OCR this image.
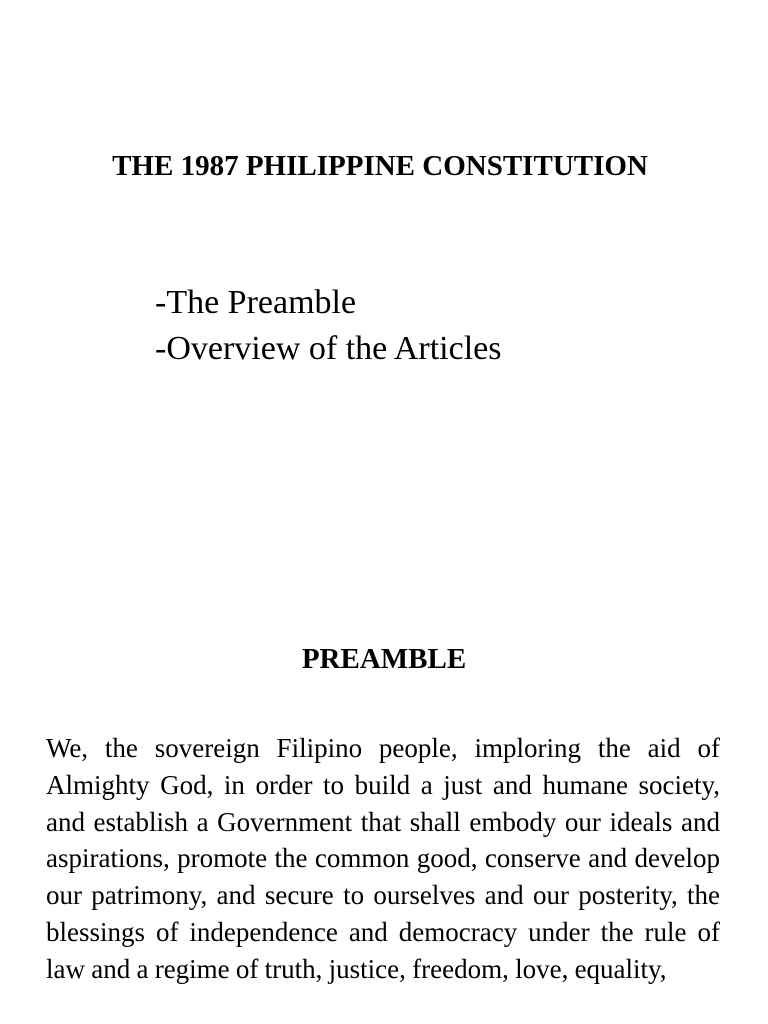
THE 1987 PHILIPPINE CONSTITUTION
-The Preamble
-Overview of the Articles
PREAMBLE

We, the sovereign Filipino people, imploring the aid of Almighty God, in order to build a just and humane society, and establish a Government that shall embody our ideals and aspirations, promote the common good, conserve and develop our patrimony, and secure to ourselves and our posterity, the blessings of independence and democracy under the rule of law and a regime of truth, justice, freedom, love, equality,
